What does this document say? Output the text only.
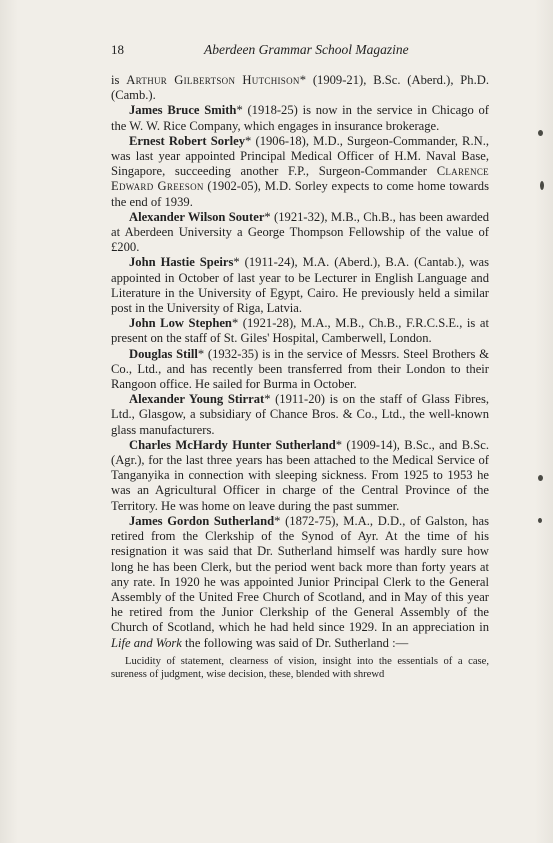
18	Aberdeen Grammar School Magazine

is Arthur Gilbertson Hutchison* (1909-21), B.Sc. (Aberd.), Ph.D. (Camb.).

James Bruce Smith* (1918-25) is now in the service in Chicago of the W. W. Rice Company, which engages in insurance brokerage.

Ernest Robert Sorley* (1906-18), M.D., Surgeon-Commander, R.N., was last year appointed Principal Medical Officer of H.M. Naval Base, Singapore, succeeding another F.P., Surgeon-Commander Clarence Edward Greeson (1902-05), M.D. Sorley expects to come home towards the end of 1939.

Alexander Wilson Souter* (1921-32), M.B., Ch.B., has been awarded at Aberdeen University a George Thompson Fellowship of the value of £200.

John Hastie Speirs* (1911-24), M.A. (Aberd.), B.A. (Cantab.), was appointed in October of last year to be Lecturer in English Language and Literature in the University of Egypt, Cairo. He previously held a similar post in the University of Riga, Latvia.

John Low Stephen* (1921-28), M.A., M.B., Ch.B., F.R.C.S.E., is at present on the staff of St. Giles' Hospital, Camberwell, London.

Douglas Still* (1932-35) is in the service of Messrs. Steel Brothers & Co., Ltd., and has recently been transferred from their London to their Rangoon office. He sailed for Burma in October.

Alexander Young Stirrat* (1911-20) is on the staff of Glass Fibres, Ltd., Glasgow, a subsidiary of Chance Bros. & Co., Ltd., the well-known glass manufacturers.

Charles McHardy Hunter Sutherland* (1909-14), B.Sc., and B.Sc. (Agr.), for the last three years has been attached to the Medical Service of Tanganyika in connection with sleeping sickness. From 1925 to 1953 he was an Agricultural Officer in charge of the Central Province of the Territory. He was home on leave during the past summer.

James Gordon Sutherland* (1872-75), M.A., D.D., of Galston, has retired from the Clerkship of the Synod of Ayr. At the time of his resignation it was said that Dr. Sutherland himself was hardly sure how long he has been Clerk, but the period went back more than forty years at any rate. In 1920 he was appointed Junior Principal Clerk to the General Assembly of the United Free Church of Scotland, and in May of this year he retired from the Junior Clerkship of the General Assembly of the Church of Scotland, which he had held since 1929. In an appreciation in Life and Work the following was said of Dr. Sutherland :—

Lucidity of statement, clearness of vision, insight into the essentials of a case, sureness of judgment, wise decision, these, blended with shrewd
